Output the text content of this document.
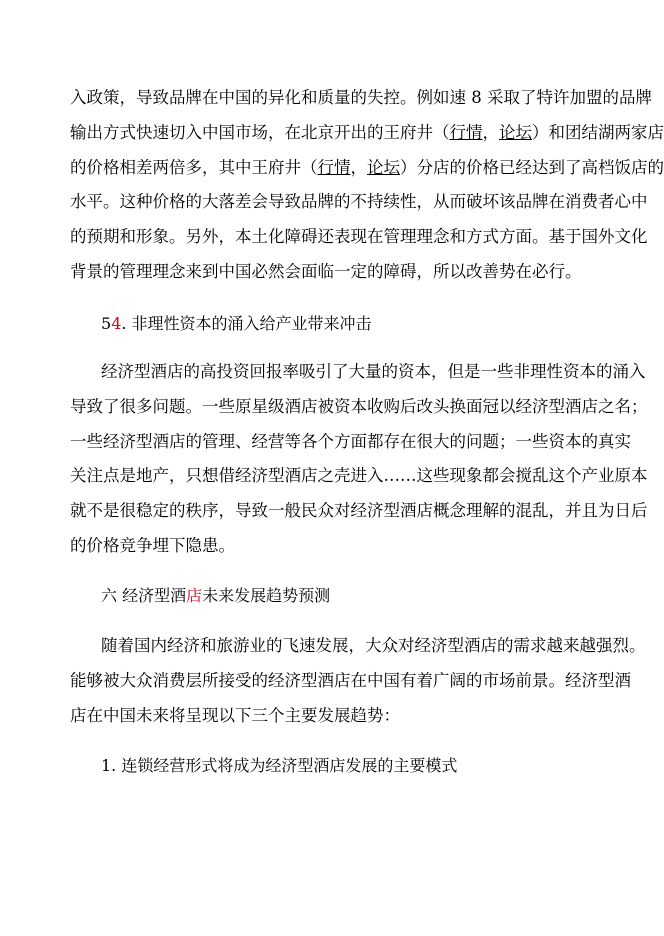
入政策，导致品牌在中国的异化和质量的失控。例如速 8 采取了特许加盟的品牌
输出方式快速切入中国市场，在北京开出的王府井（行情，论坛）和团结湖两家店
的价格相差两倍多，其中王府井（行情，论坛）分店的价格已经达到了高档饭店的
水平。这种价格的大落差会导致品牌的不持续性，从而破坏该品牌在消费者心中
的预期和形象。另外，本土化障碍还表现在管理理念和方式方面。基于国外文化
背景的管理理念来到中国必然会面临一定的障碍，所以改善势在必行。
54. 非理性资本的涌入给产业带来冲击
经济型酒店的高投资回报率吸引了大量的资本，但是一些非理性资本的涌入
导致了很多问题。一些原星级酒店被资本收购后改头换面冠以经济型酒店之名；
一些经济型酒店的管理、经营等各个方面都存在很大的问题；一些资本的真实
关注点是地产，只想借经济型酒店之壳进入……这些现象都会搅乱这个产业原本
就不是很稳定的秩序，导致一般民众对经济型酒店概念理解的混乱，并且为日后
的价格竞争埋下隐患。
六 经济型酒店未来发展趋势预测
随着国内经济和旅游业的飞速发展，大众对经济型酒店的需求越来越强烈。
能够被大众消费层所接受的经济型酒店在中国有着广阔的市场前景。经济型酒
店在中国未来将呈现以下三个主要发展趋势：
1. 连锁经营形式将成为经济型酒店发展的主要模式
